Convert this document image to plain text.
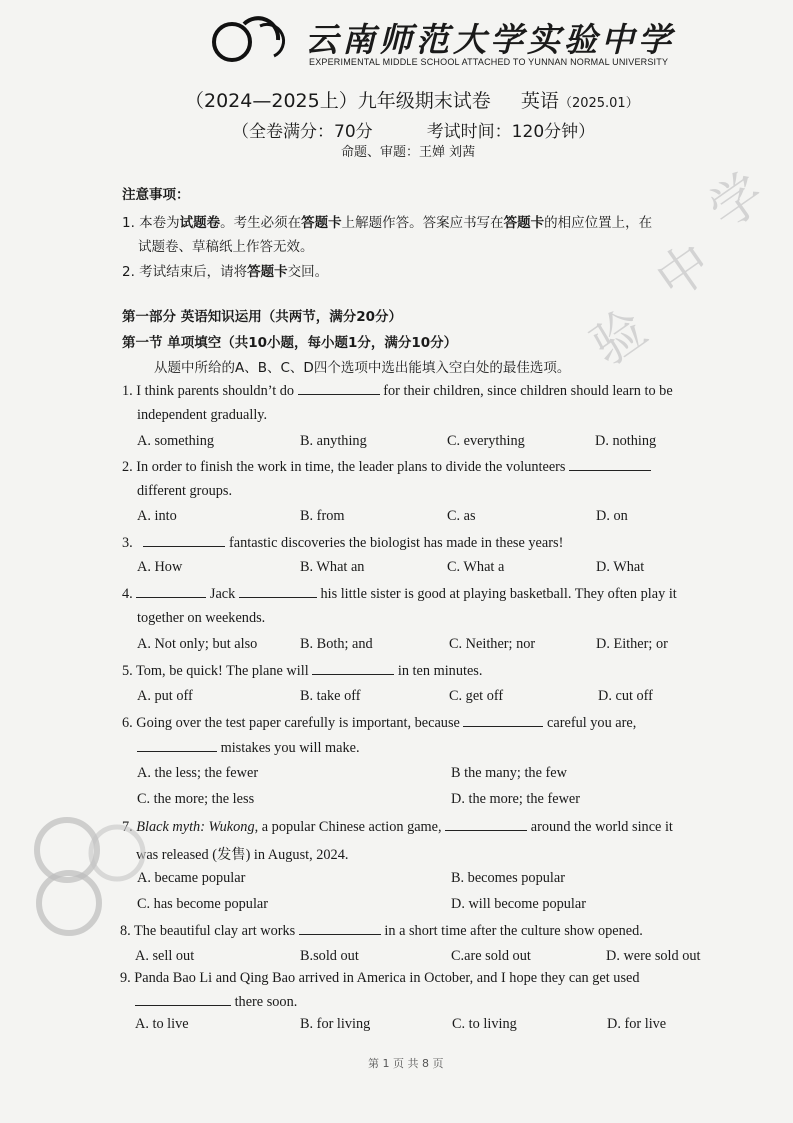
云南师范大学实验中学
EXPERIMENTAL MIDDLE SCHOOL ATTACHED TO YUNNAN NORMAL UNIVERSITY
（2024—2025上）九年级期末试卷 英语（2025.01）
（全卷满分：70分	考试时间：120分钟）
命题、审题：王婵 刘茜
注意事项：
1. 本卷为试题卷。考生必须在答题卡上解题作答。答案应书写在答题卡的相应位置上，在
试题卷、草稿纸上作答无效。
2. 考试结束后，请将答题卡交回。
第一部分 英语知识运用（共两节，满分20分）
第一节 单项填空（共10小题，每小题1分，满分10分）
从题中所给的A、B、C、D四个选项中选出能填入空白处的最佳选项。
1. I think parents shouldn’t do	for their children, since children should learn to be
independent gradually.
A. something	B. anything	C. everything	D. nothing
2. In order to finish the work in time, the leader plans to divide the volunteers
different groups.
A. into	B. from	C. as	D. on
3.	fantastic discoveries the biologist has made in these years!
A. How	B. What an	C. What a	D. What
4.	Jack	his little sister is good at playing basketball. They often play it
together on weekends.
A. Not only; but also	B. Both; and	C. Neither; nor	D. Either; or
5. Tom, be quick! The plane will	in ten minutes.
A. put off	B. take off	C. get off	D. cut off
6. Going over the test paper carefully is important, because	careful you are,
mistakes you will make.
A. the less; the fewer	B the many; the few
C. the more; the less	D. the more; the fewer
7. Black myth: Wukong, a popular Chinese action game,	around the world since it
was released (发售) in August, 2024.
A. became popular	B. becomes popular
C. has become popular	D. will become popular
8. The beautiful clay art works	in a short time after the culture show opened.
A. sell out	B.sold out	C.are sold out	D. were sold out
9. Panda Bao Li and Qing Bao arrived in America in October, and I hope they can get used
there soon.
A. to live	B. for living	C. to living	D. for live
第 1 页 共 8 页
学
中
验
